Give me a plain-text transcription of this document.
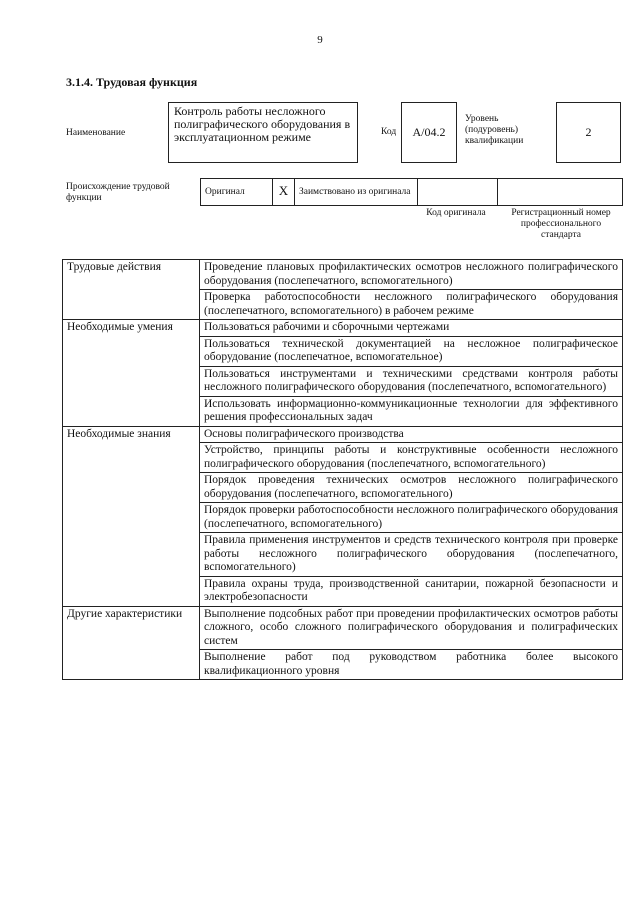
9
3.1.4. Трудовая функция
Наименование
Контроль работы несложного полиграфического оборудования в эксплуатационном режиме	Код	А/04.2
Уровень (подуровень) квалификации
2
Происхождение трудовой функции
Оригинал	X	Заимствовано из оригинала		
Код оригинала	Регистрационный номер профессионального стандарта
Трудовые действия	Проведение плановых профилактических осмотров несложного полиграфического оборудования (послепечатного, вспомогательного)
	Проверка работоспособности несложного полиграфического оборудования (послепечатного, вспомогательного) в рабочем режиме
Необходимые умения	Пользоваться рабочими и сборочными чертежами
	Пользоваться технической документацией на несложное полиграфическое оборудование (послепечатное, вспомогательное)
	Пользоваться инструментами и техническими средствами контроля работы несложного полиграфического оборудования (послепечатного, вспомогательного)
	Использовать информационно-коммуникационные технологии для эффективного решения профессиональных задач
Необходимые знания	Основы полиграфического производства
	Устройство, принципы работы и конструктивные особенности несложного полиграфического оборудования (послепечатного, вспомогательного)
	Порядок проведения технических осмотров несложного полиграфического оборудования (послепечатного, вспомогательного)
	Порядок проверки работоспособности несложного полиграфического оборудования (послепечатного, вспомогательного)
	Правила применения инструментов и средств технического контроля при проверке работы несложного полиграфического оборудования (послепечатного, вспомогательного)
	Правила охраны труда, производственной санитарии, пожарной безопасности и электробезопасности
Другие характеристики	Выполнение подсобных работ при проведении профилактических осмотров работы сложного, особо сложного полиграфического оборудования и полиграфических систем
	Выполнение работ под руководством работника более высокого квалификационного уровня
